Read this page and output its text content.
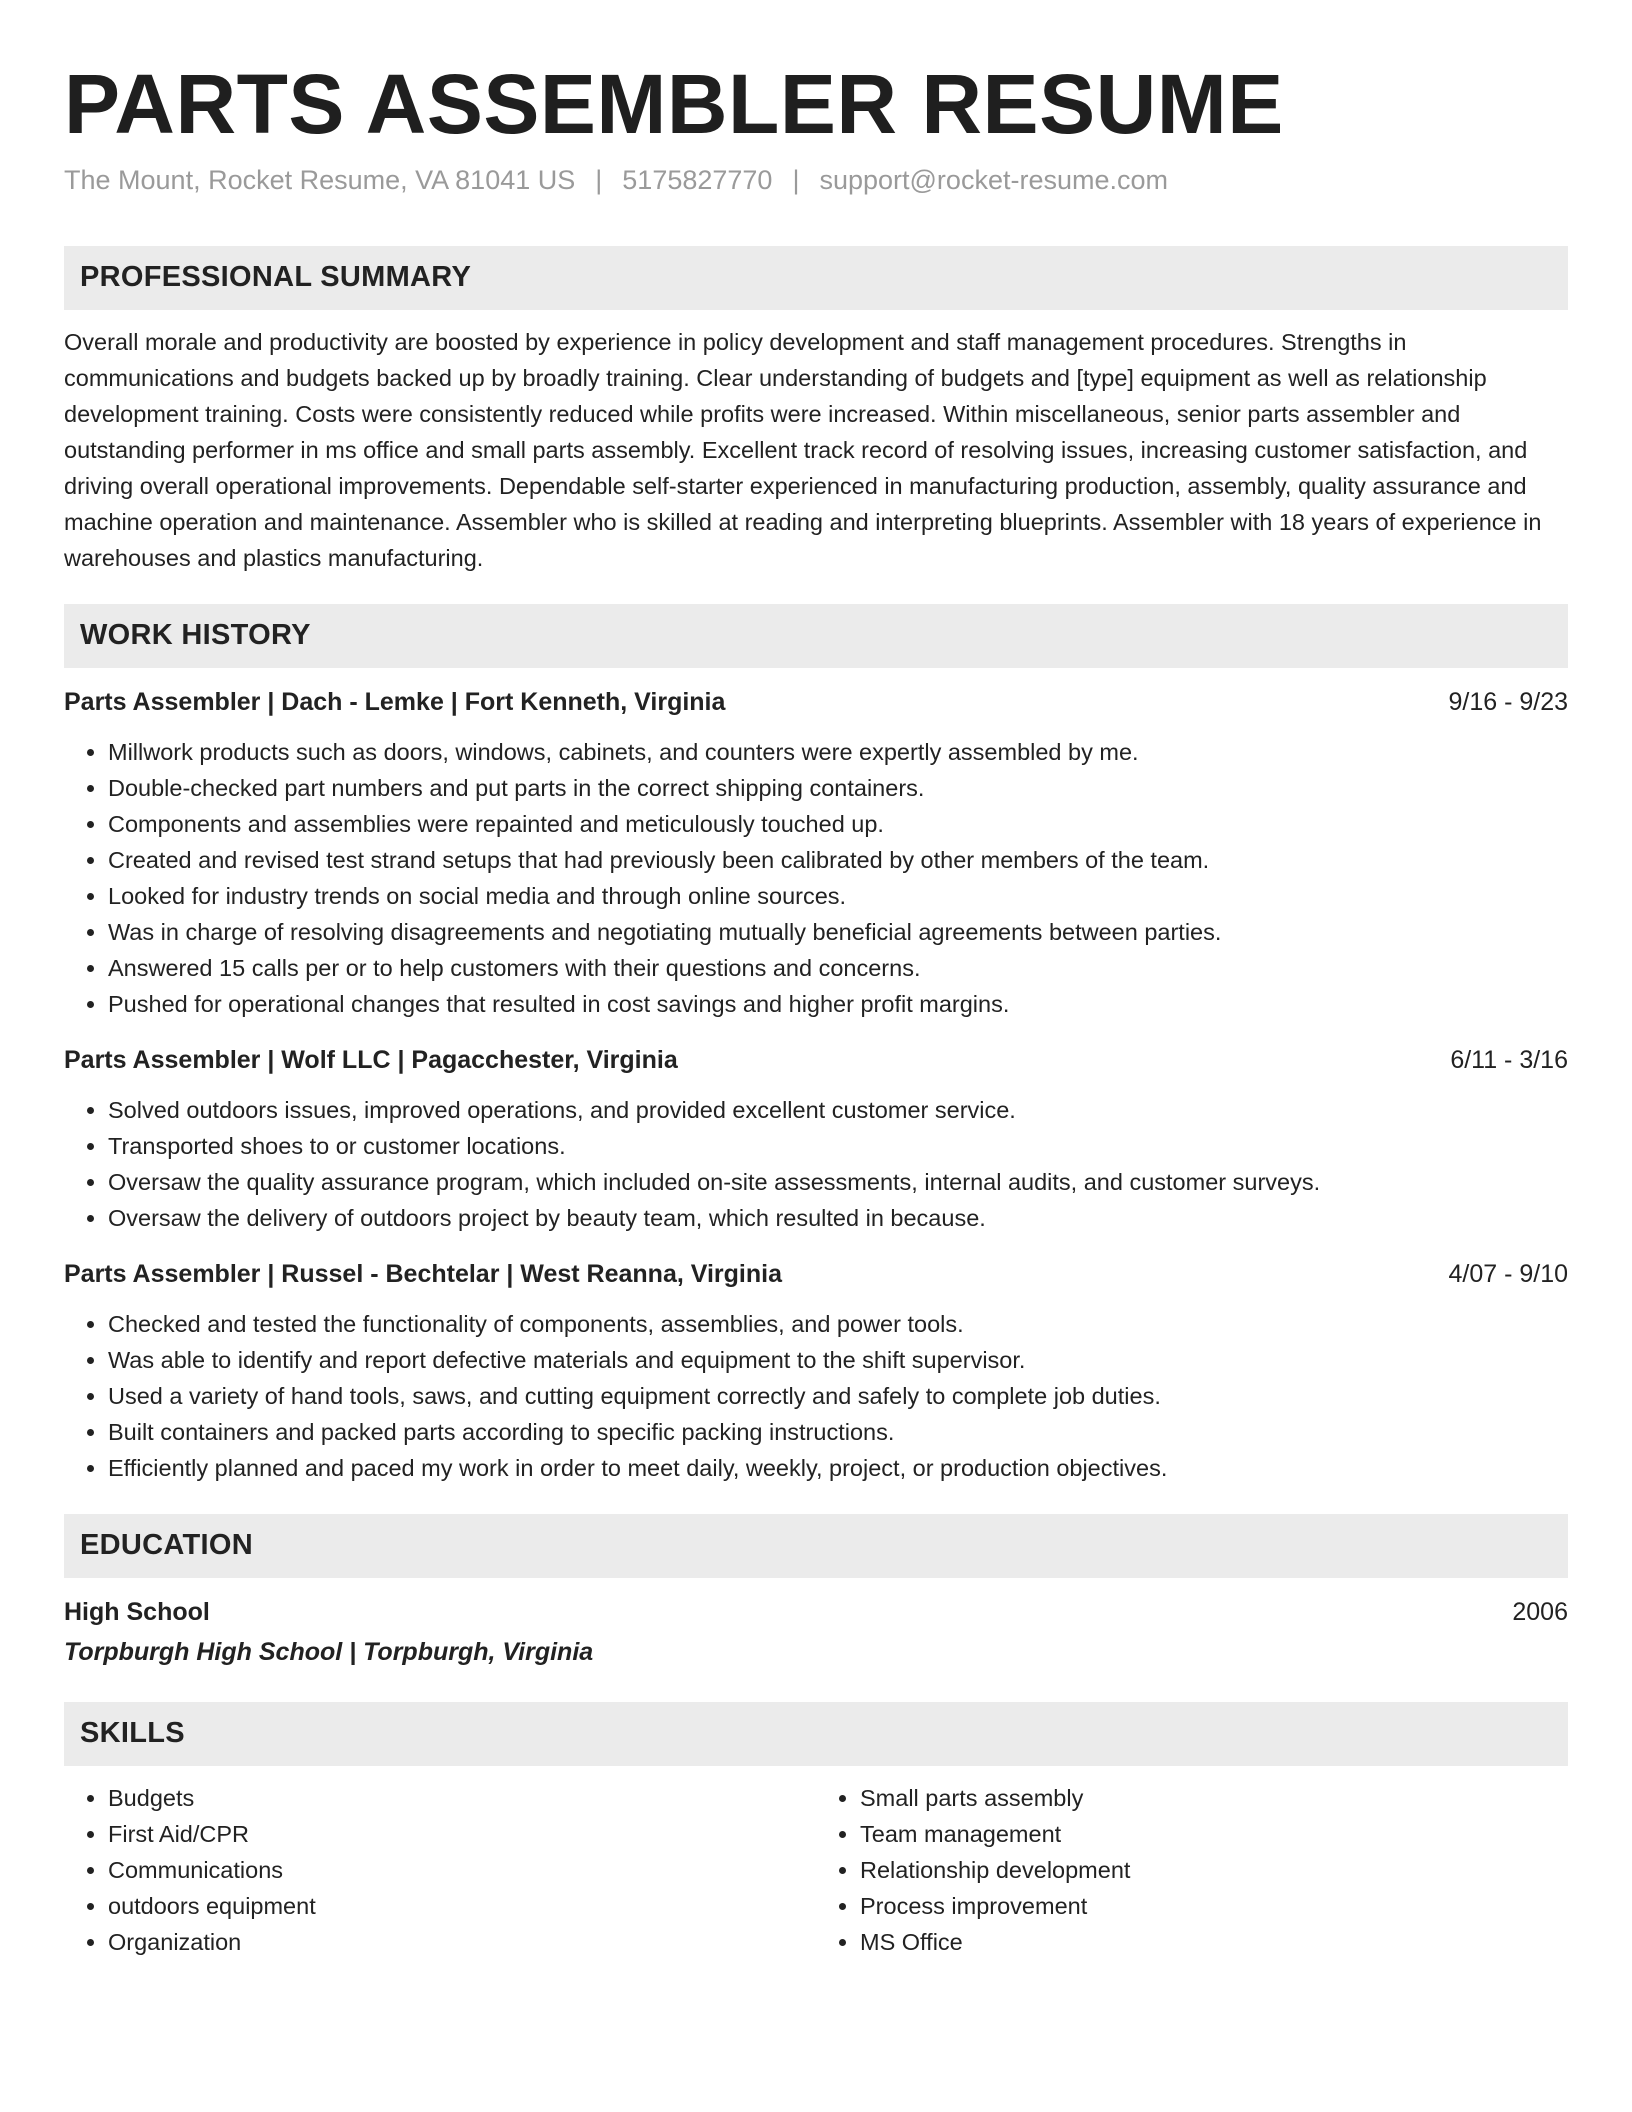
PARTS ASSEMBLER RESUME
The Mount, Rocket Resume, VA 81041 US | 5175827770 | support@rocket-resume.com
PROFESSIONAL SUMMARY

Overall morale and productivity are boosted by experience in policy development and staff management procedures. Strengths in communications and budgets backed up by broadly training. Clear understanding of budgets and [type] equipment as well as relationship development training. Costs were consistently reduced while profits were increased. Within miscellaneous, senior parts assembler and outstanding performer in ms office and small parts assembly. Excellent track record of resolving issues, increasing customer satisfaction, and driving overall operational improvements. Dependable self-starter experienced in manufacturing production, assembly, quality assurance and machine operation and maintenance. Assembler who is skilled at reading and interpreting blueprints. Assembler with 18 years of experience in warehouses and plastics manufacturing.

WORK HISTORY
Parts Assembler | Dach - Lemke | Fort Kenneth, Virginia	9/16 - 9/23
• Millwork products such as doors, windows, cabinets, and counters were expertly assembled by me.
• Double-checked part numbers and put parts in the correct shipping containers.
• Components and assemblies were repainted and meticulously touched up.
• Created and revised test strand setups that had previously been calibrated by other members of the team.
• Looked for industry trends on social media and through online sources.
• Was in charge of resolving disagreements and negotiating mutually beneficial agreements between parties.
• Answered 15 calls per or to help customers with their questions and concerns.
• Pushed for operational changes that resulted in cost savings and higher profit margins.
Parts Assembler | Wolf LLC | Pagacchester, Virginia	6/11 - 3/16
• Solved outdoors issues, improved operations, and provided excellent customer service.
• Transported shoes to or customer locations.
• Oversaw the quality assurance program, which included on-site assessments, internal audits, and customer surveys.
• Oversaw the delivery of outdoors project by beauty team, which resulted in because.
Parts Assembler | Russel - Bechtelar | West Reanna, Virginia	4/07 - 9/10
• Checked and tested the functionality of components, assemblies, and power tools.
• Was able to identify and report defective materials and equipment to the shift supervisor.
• Used a variety of hand tools, saws, and cutting equipment correctly and safely to complete job duties.
• Built containers and packed parts according to specific packing instructions.
• Efficiently planned and paced my work in order to meet daily, weekly, project, or production objectives.
EDUCATION
High School	2006
Torpburgh High School | Torpburgh, Virginia
SKILLS
• Budgets
• First Aid/CPR
• Communications
• outdoors equipment
• Organization
• Small parts assembly
• Team management
• Relationship development
• Process improvement
• MS Office
